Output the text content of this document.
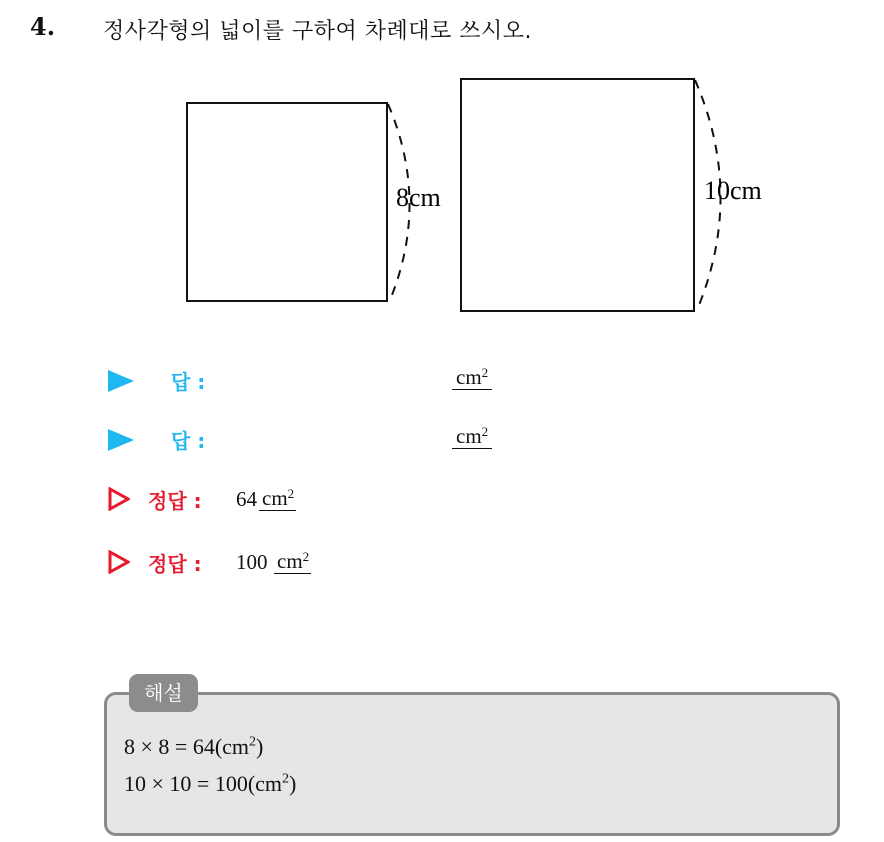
4. 정사각형의 넓이를 구하여 차례대로 쓰시오.
8cm	10cm
답 :	$cm^2$
답 :	$cm^2$
정답 : 64 $cm^2$
정답 : 100 $cm^2$
해설
$8 \times 8 = 64(cm^2)$
$10 \times 10 = 100(cm^2)$
